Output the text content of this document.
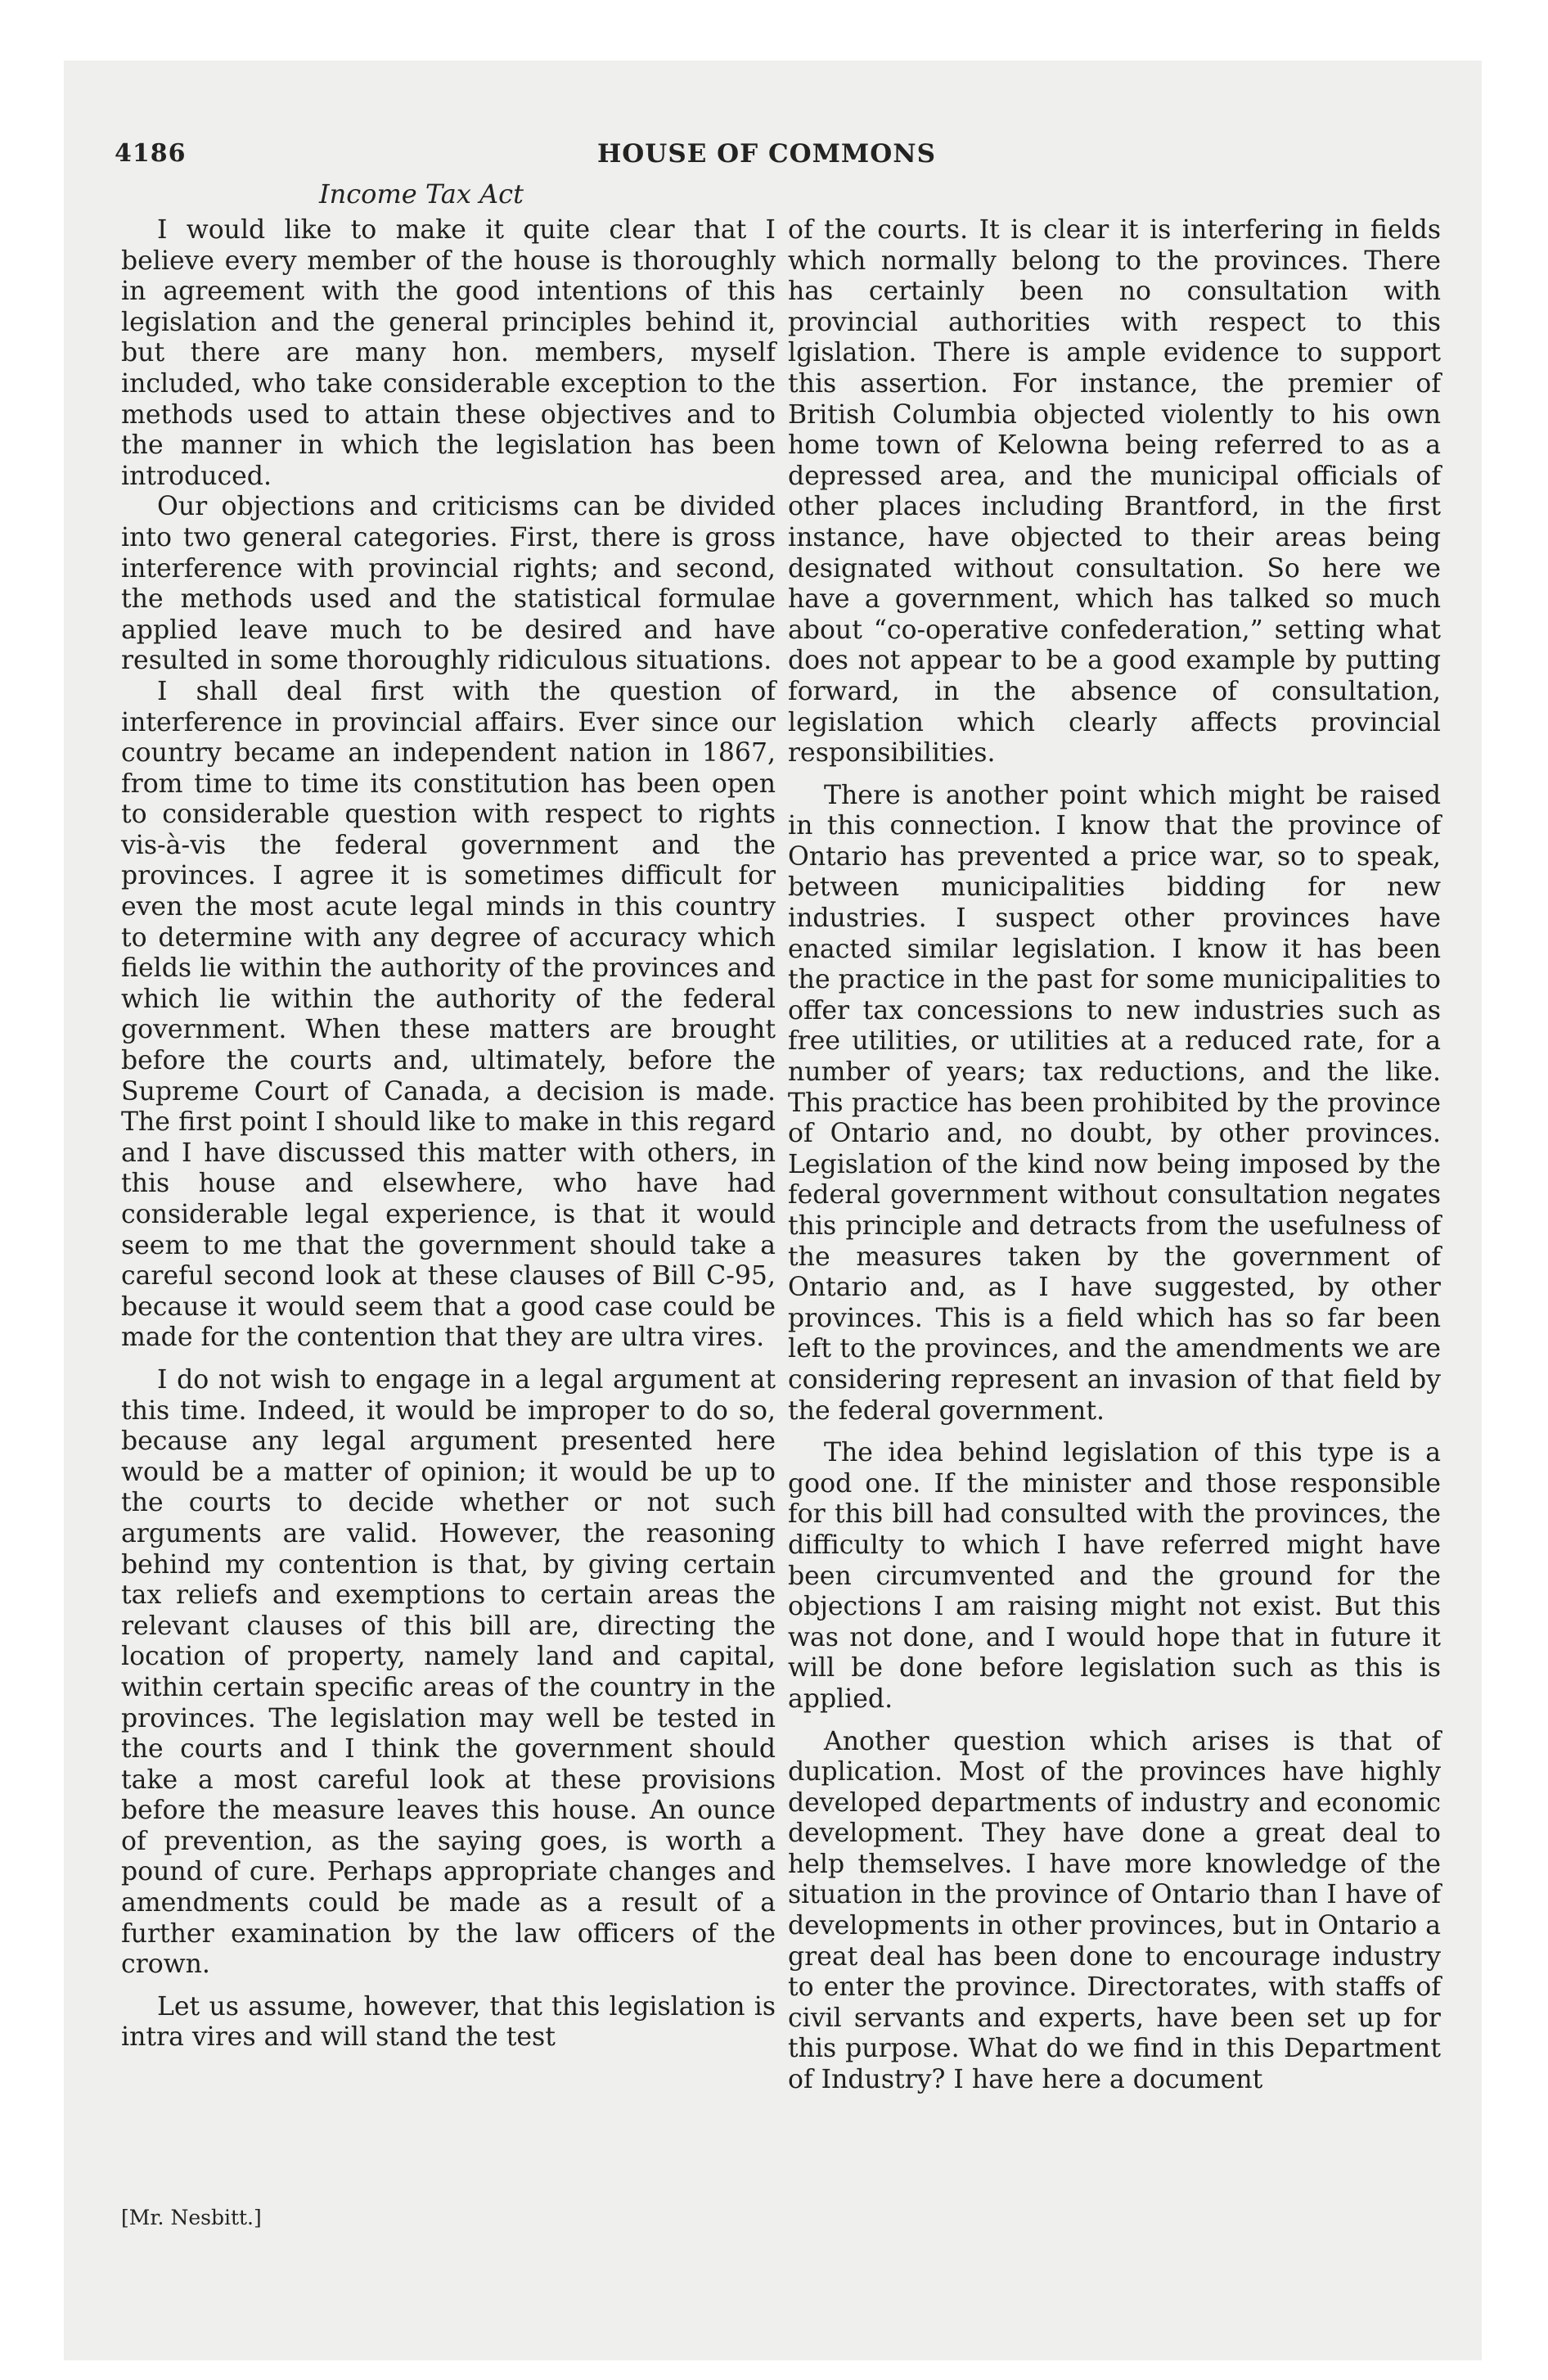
4186	HOUSE OF COMMONS
Income Tax Act

I would like to make it quite clear that I believe every member of the house is thoroughly in agreement with the good intentions of this legislation and the general principles behind it, but there are many hon. members, myself included, who take considerable exception to the methods used to attain these objectives and to the manner in which the legislation has been introduced.

Our objections and criticisms can be divided into two general categories. First, there is gross interference with provincial rights; and second, the methods used and the statistical formulae applied leave much to be desired and have resulted in some thoroughly ridiculous situations.

I shall deal first with the question of interference in provincial affairs. Ever since our country became an independent nation in 1867, from time to time its constitution has been open to considerable question with respect to rights vis-à-vis the federal government and the provinces. I agree it is sometimes difficult for even the most acute legal minds in this country to determine with any degree of accuracy which fields lie within the authority of the provinces and which lie within the authority of the federal government. When these matters are brought before the courts and, ultimately, before the Supreme Court of Canada, a decision is made. The first point I should like to make in this regard and I have discussed this matter with others, in this house and elsewhere, who have had considerable legal experience, is that it would seem to me that the government should take a careful second look at these clauses of Bill C-95, because it would seem that a good case could be made for the contention that they are ultra vires.

I do not wish to engage in a legal argument at this time. Indeed, it would be improper to do so, because any legal argument presented here would be a matter of opinion; it would be up to the courts to decide whether or not such arguments are valid. However, the reasoning behind my contention is that, by giving certain tax reliefs and exemptions to certain areas the relevant clauses of this bill are, directing the location of property, namely land and capital, within certain specific areas of the country in the provinces. The legislation may well be tested in the courts and I think the government should take a most careful look at these provisions before the measure leaves this house. An ounce of prevention, as the saying goes, is worth a pound of cure. Perhaps appropriate changes and amendments could be made as a result of a further examination by the law officers of the crown.

Let us assume, however, that this legislation is intra vires and will stand the test

of the courts. It is clear it is interfering in fields which normally belong to the provinces. There has certainly been no consultation with provincial authorities with respect to this lgislation. There is ample evidence to support this assertion. For instance, the premier of British Columbia objected violently to his own home town of Kelowna being referred to as a depressed area, and the municipal officials of other places including Brantford, in the first instance, have objected to their areas being designated without consultation. So here we have a government, which has talked so much about “co-operative confederation,” setting what does not appear to be a good example by putting forward, in the absence of consultation, legislation which clearly affects provincial responsibilities.

There is another point which might be raised in this connection. I know that the province of Ontario has prevented a price war, so to speak, between municipalities bidding for new industries. I suspect other provinces have enacted similar legislation. I know it has been the practice in the past for some municipalities to offer tax concessions to new industries such as free utilities, or utilities at a reduced rate, for a number of years; tax reductions, and the like. This practice has been prohibited by the province of Ontario and, no doubt, by other provinces. Legislation of the kind now being imposed by the federal government without consultation negates this principle and detracts from the usefulness of the measures taken by the government of Ontario and, as I have suggested, by other provinces. This is a field which has so far been left to the provinces, and the amendments we are considering represent an invasion of that field by the federal government.

The idea behind legislation of this type is a good one. If the minister and those responsible for this bill had consulted with the provinces, the difficulty to which I have referred might have been circumvented and the ground for the objections I am raising might not exist. But this was not done, and I would hope that in future it will be done before legislation such as this is applied.

Another question which arises is that of duplication. Most of the provinces have highly developed departments of industry and economic development. They have done a great deal to help themselves. I have more knowledge of the situation in the province of Ontario than I have of developments in other provinces, but in Ontario a great deal has been done to encourage industry to enter the province. Directorates, with staffs of civil servants and experts, have been set up for this purpose. What do we find in this Department of Industry? I have here a document

[Mr. Nesbitt.]
